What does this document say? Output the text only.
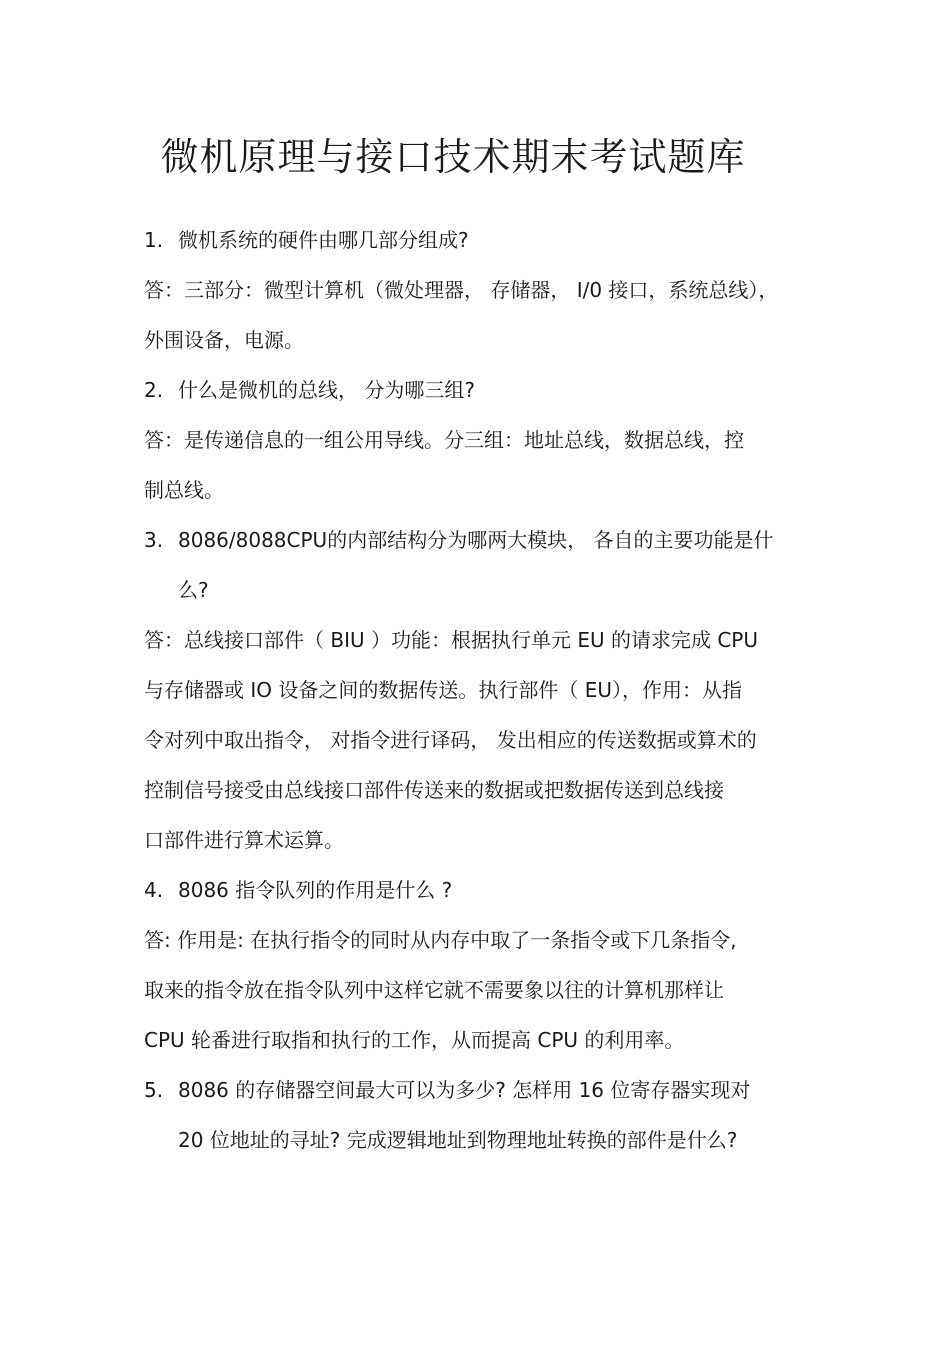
微机原理与接口技术期末考试题库

1. 微机系统的硬件由哪几部分组成?

答：三部分：微型计算机（微处理器， 存储器， I/0 接口，系统总线），

外围设备，电源。

2. 什么是微机的总线， 分为哪三组?

答：是传递信息的一组公用导线。分三组：地址总线，数据总线，控

制总线。

3. 8086/8088CPU的内部结构分为哪两大模块， 各自的主要功能是什

么?

答：总线接口部件（ BIU ）功能：根据执行单元 EU 的请求完成 CPU

与存储器或 IO 设备之间的数据传送。执行部件（ EU），作用：从指

令对列中取出指令， 对指令进行译码， 发出相应的传送数据或算术的

控制信号接受由总线接口部件传送来的数据或把数据传送到总线接

口部件进行算术运算。

4. 8086 指令队列的作用是什么 ?

答: 作用是: 在执行指令的同时从内存中取了一条指令或下几条指令,

取来的指令放在指令队列中这样它就不需要象以往的计算机那样让

CPU 轮番进行取指和执行的工作，从而提高 CPU 的利用率。

5. 8086 的存储器空间最大可以为多少? 怎样用 16 位寄存器实现对

20 位地址的寻址? 完成逻辑地址到物理地址转换的部件是什么?
